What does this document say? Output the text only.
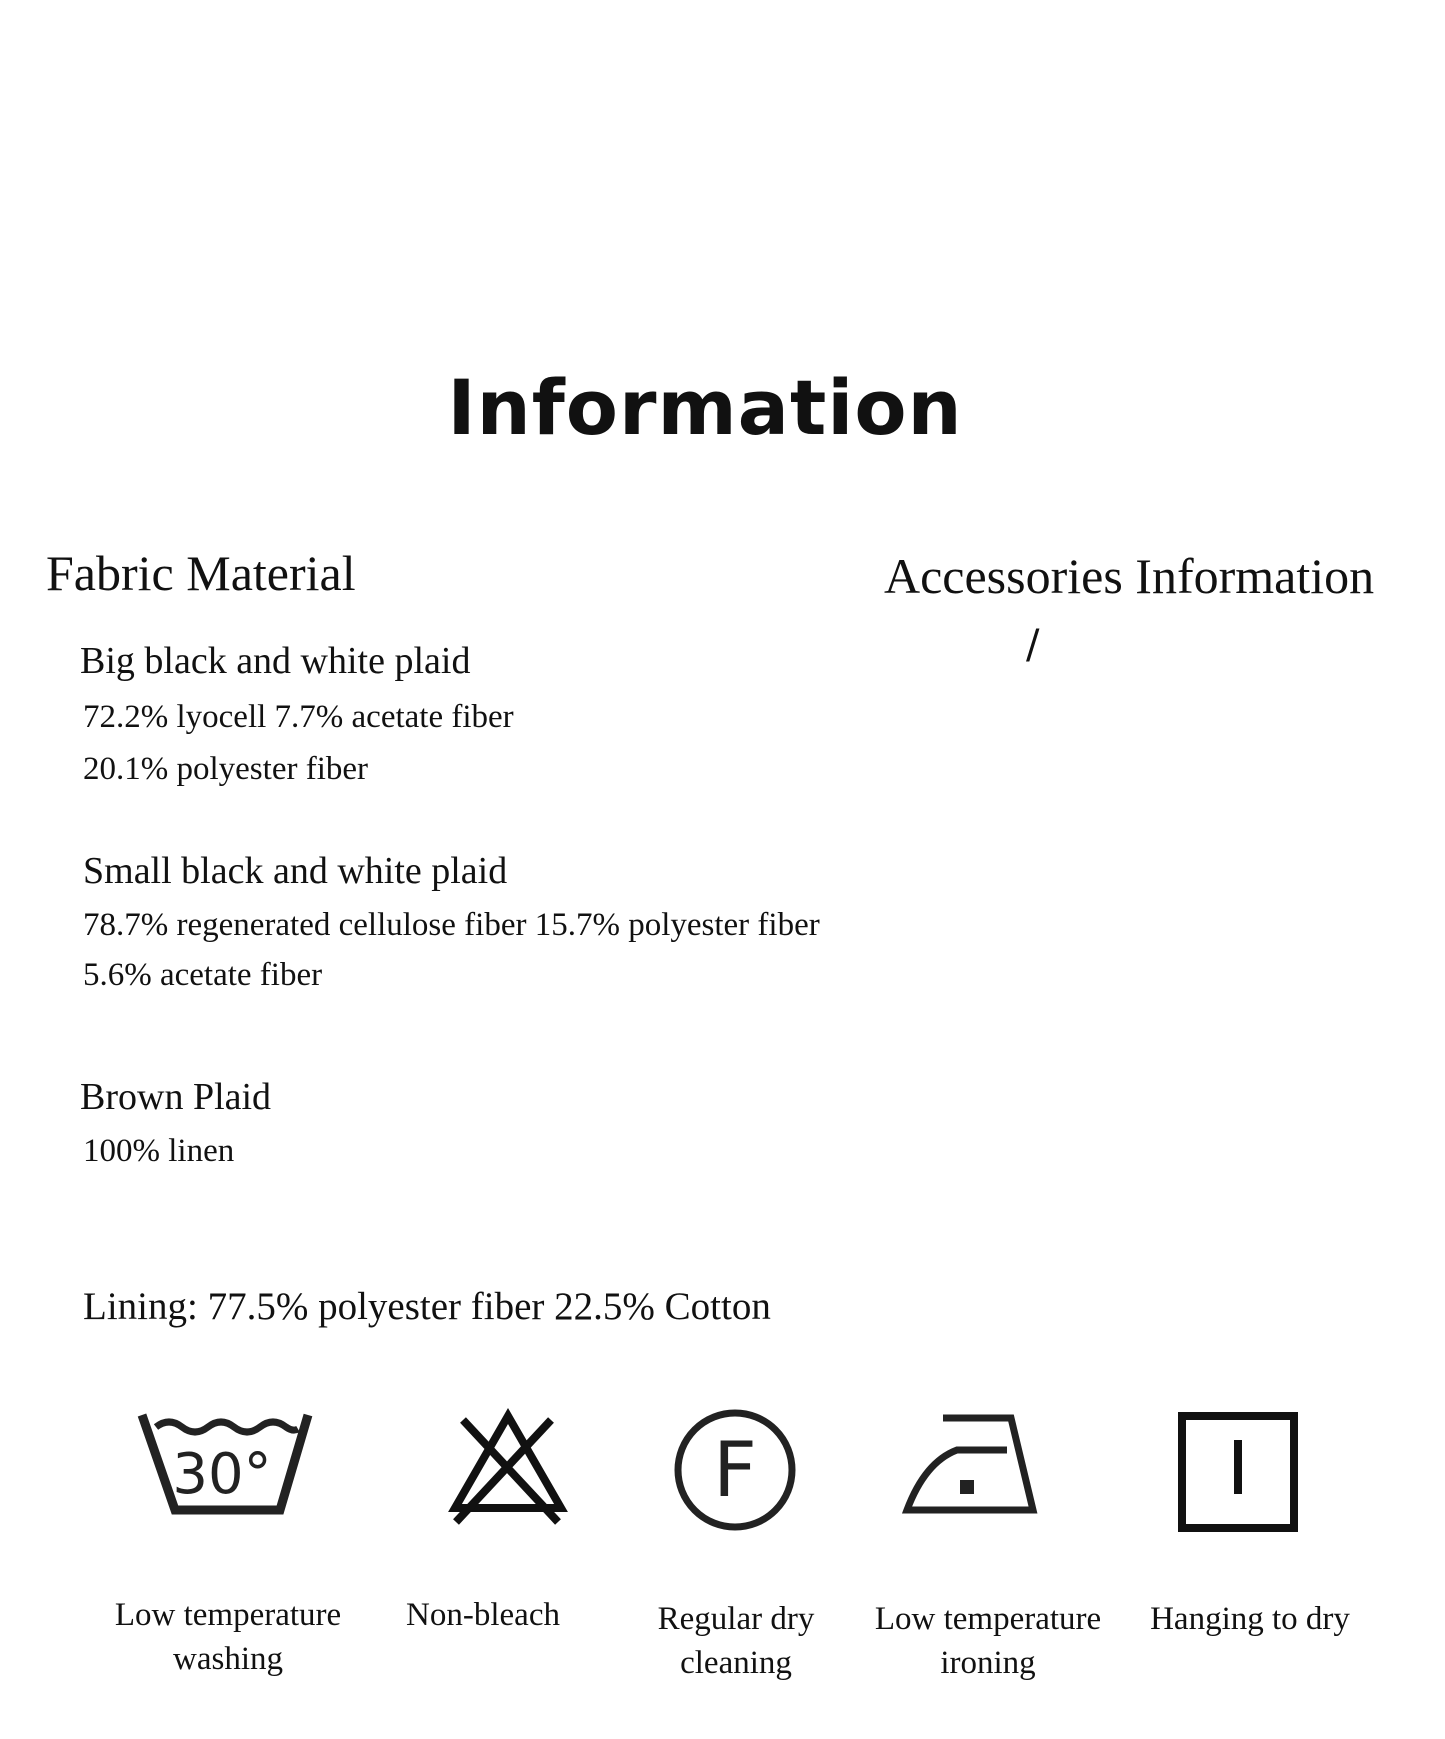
Information
Fabric Material
Big black and white plaid
72.2% lyocell 7.7% acetate fiber
20.1% polyester fiber
Small black and white plaid
78.7% regenerated cellulose fiber 15.7% polyester fiber
5.6% acetate fiber
Brown Plaid
100% linen
Lining: 77.5% polyester fiber 22.5% Cotton
Accessories Information
/
30°	F
Low temperature washing
Non-bleach	Regular dry cleaning
Low temperature ironing
Hanging to dry
